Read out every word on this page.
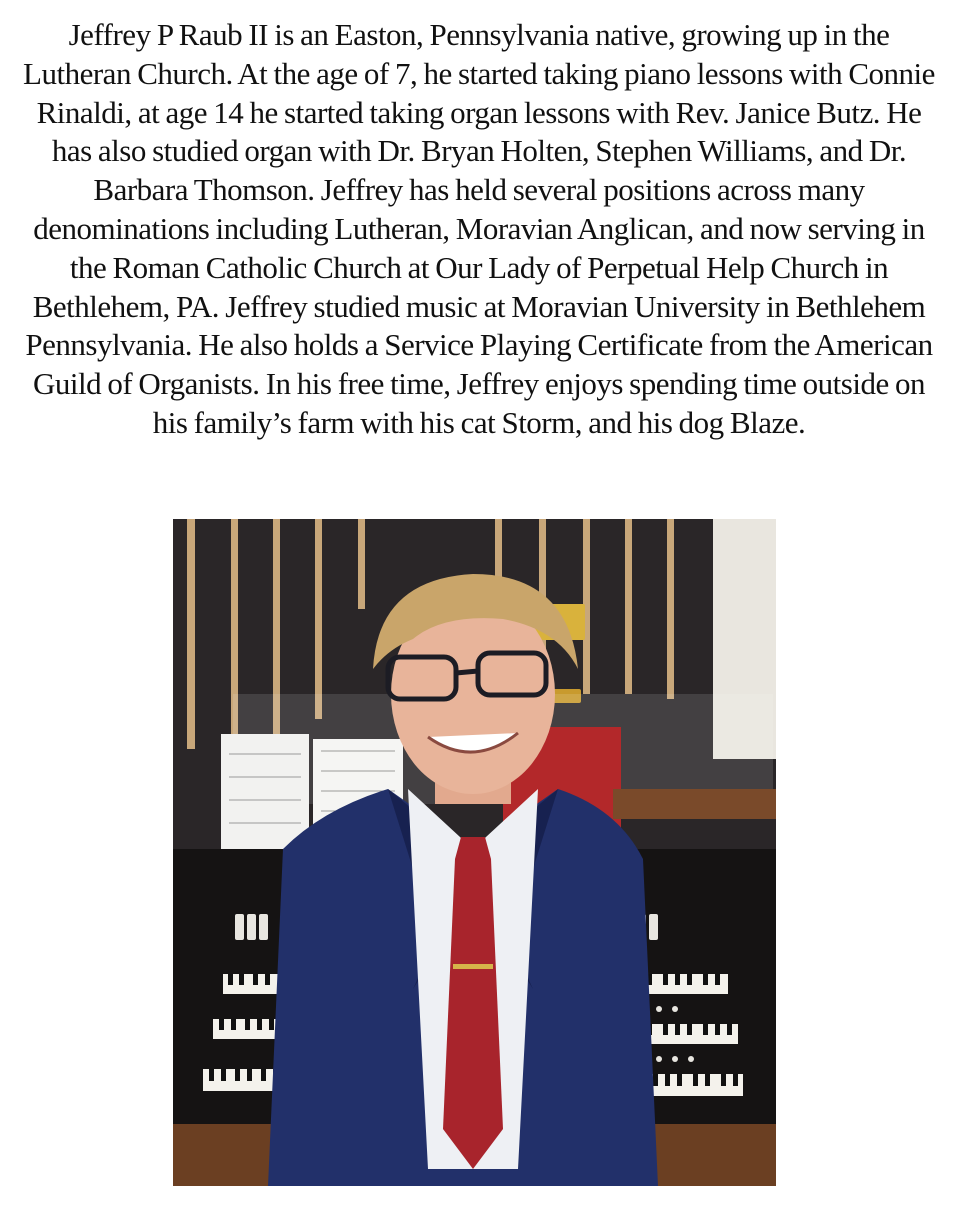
Jeffrey P Raub II is an Easton, Pennsylvania native, growing up in the Lutheran Church. At the age of 7, he started taking piano lessons with Connie Rinaldi, at age 14 he started taking organ lessons with Rev. Janice Butz. He has also studied organ with Dr. Bryan Holten, Stephen Williams, and Dr. Barbara Thomson. Jeffrey has held several positions across many denominations including Lutheran, Moravian Anglican, and now serving in the Roman Catholic Church at Our Lady of Perpetual Help Church in Bethlehem, PA. Jeffrey studied music at Moravian University in Bethlehem Pennsylvania. He also holds a Service Playing Certificate from the American Guild of Organists. In his free time, Jeffrey enjoys spending time outside on his family’s farm with his cat Storm, and his dog Blaze.
